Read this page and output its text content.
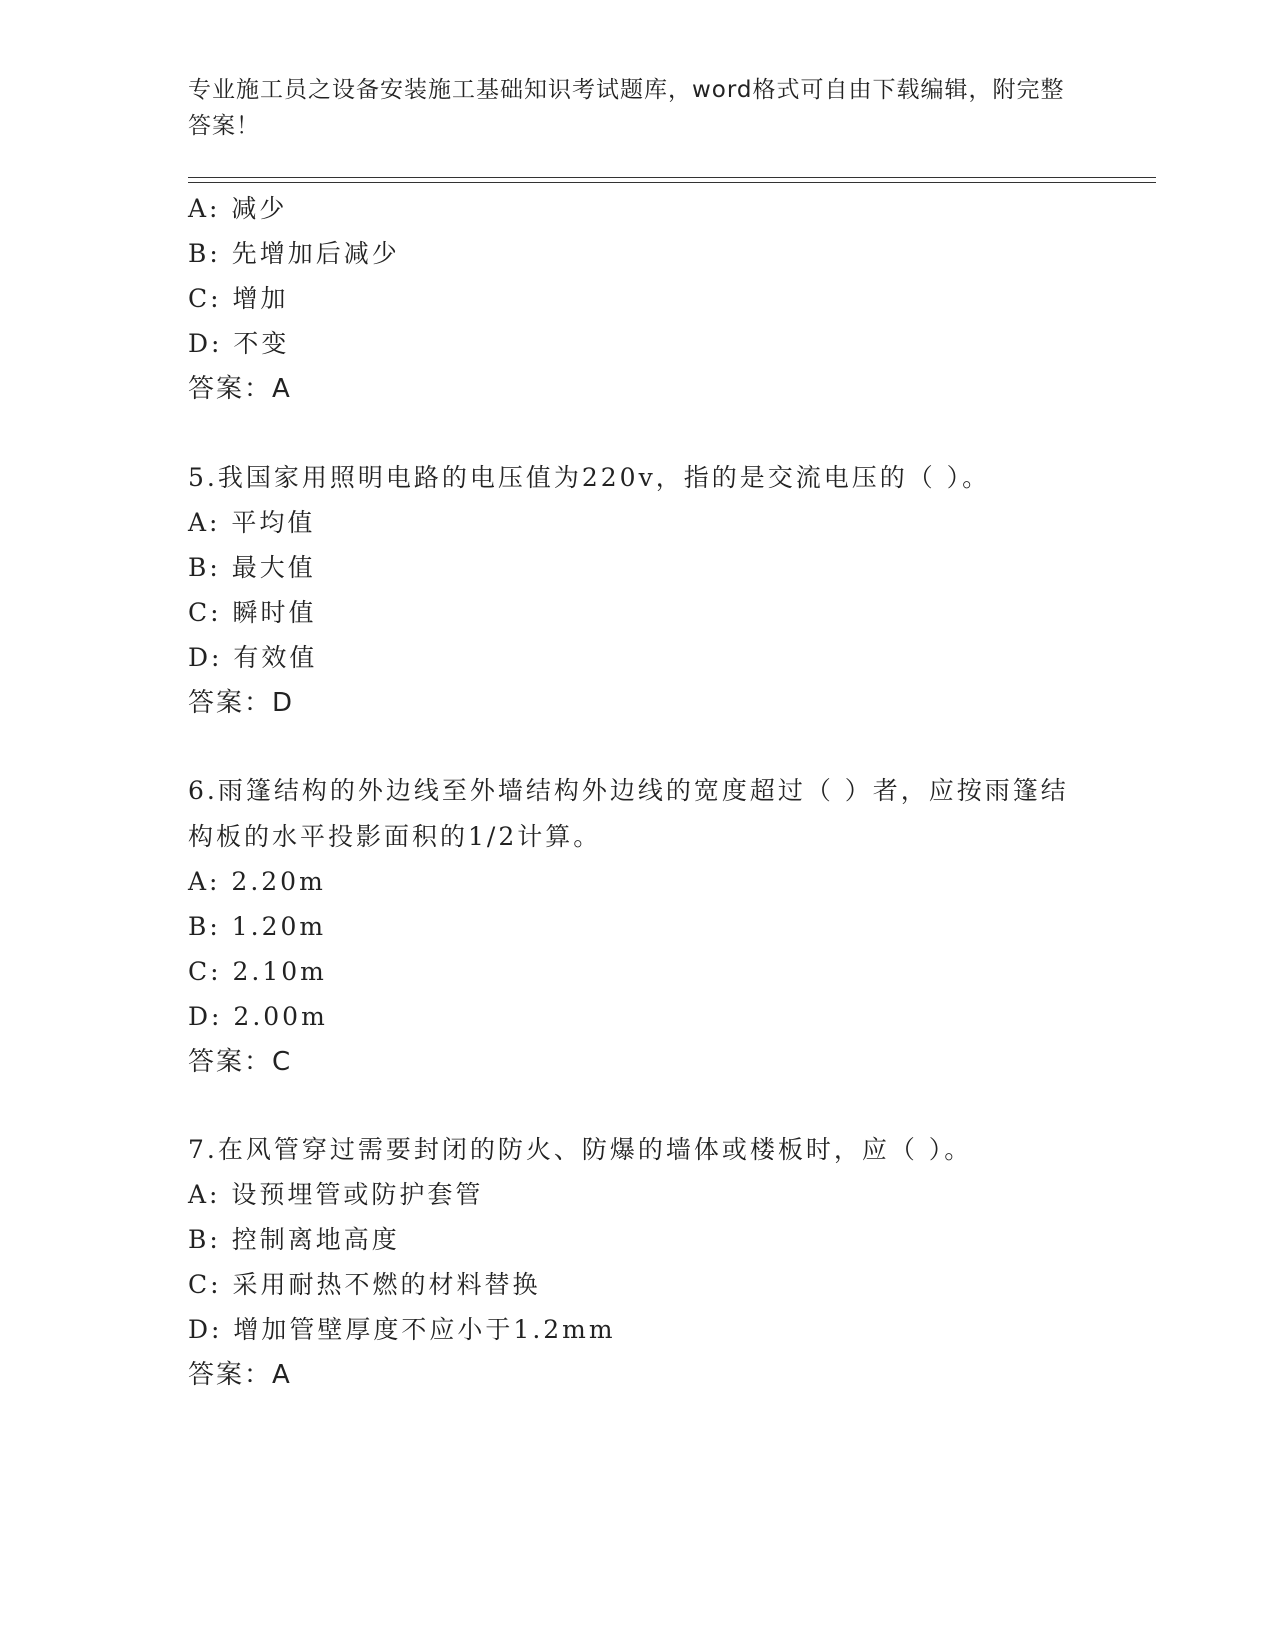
专业施工员之设备安装施工基础知识考试题库，word格式可自由下载编辑，附完整答案！
A: 减少
B: 先增加后减少
C: 增加
D: 不变
答案：A
5.我国家用照明电路的电压值为220v，指的是交流电压的（ ）。
A: 平均值
B: 最大值
C: 瞬时值
D: 有效值
答案：D
6.雨篷结构的外边线至外墙结构外边线的宽度超过（ ）者，应按雨篷结构板的水平投影面积的1/2计算。
A: 2.20m
B: 1.20m
C: 2.10m
D: 2.00m
答案：C
7.在风管穿过需要封闭的防火、防爆的墙体或楼板时，应（ ）。
A: 设预埋管或防护套管
B: 控制离地高度
C: 采用耐热不燃的材料替换
D: 增加管壁厚度不应小于1.2mm
答案：A
